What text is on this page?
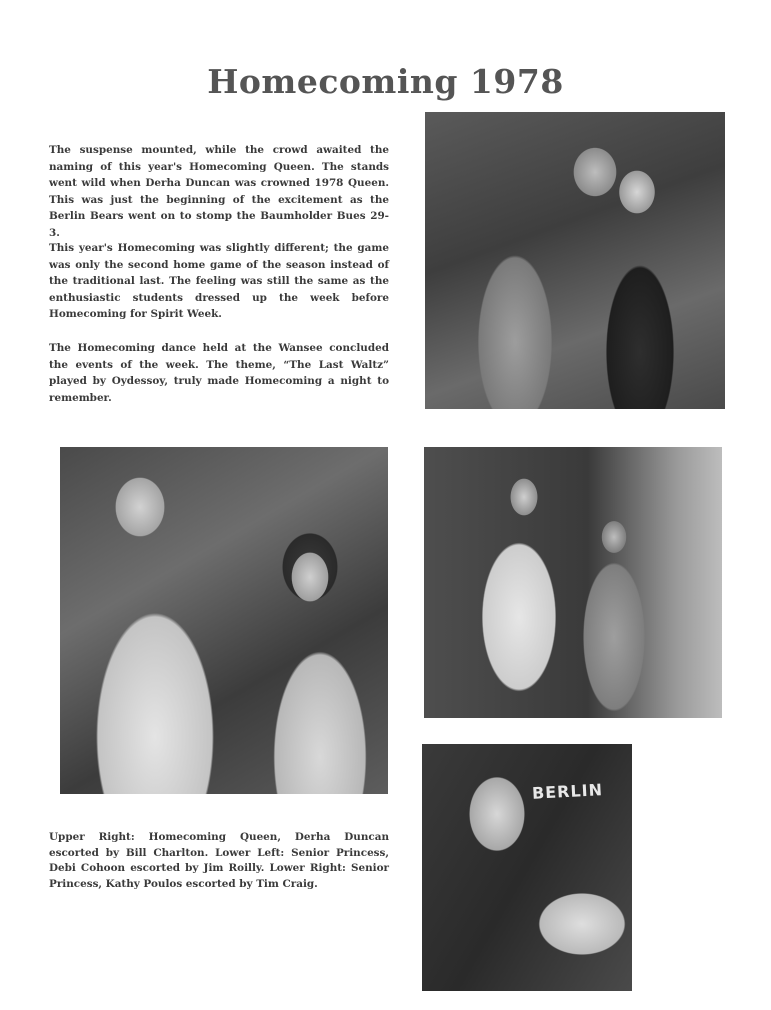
Homecoming 1978

The suspense mounted, while the crowd awaited the naming of this year's Homecoming Queen. The stands went wild when Derha Duncan was crowned 1978 Queen. This was just the beginning of the excitement as the Berlin Bears went on to stomp the Baumholder Bues 29-3.

This year's Homecoming was slightly different; the game was only the second home game of the season instead of the traditional last. The feeling was still the same as the enthusiastic students dressed up the week before Homecoming for Spirit Week.

The Homecoming dance held at the Wansee concluded the events of the week. The theme, “The Last Waltz” played by Oydessoy, truly made Homecoming a night to remember.

BERLIN

Upper Right: Homecoming Queen, Derha Duncan escorted by Bill Charlton. Lower Left: Senior Princess, Debi Cohoon escorted by Jim Roilly. Lower Right: Senior Princess, Kathy Poulos escorted by Tim Craig.
